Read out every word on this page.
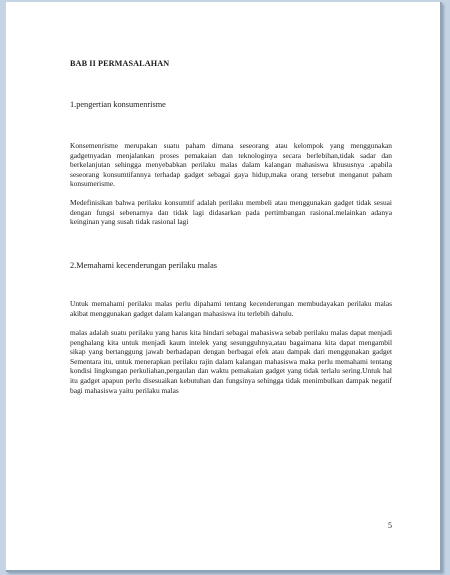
BAB II PERMASALAHAN
1.pengertian konsumenrisme

Konsemenrisme merupakan suatu paham dimana seseorang atau kelompok yang menggunakan gadgetnyadan menjalankan proses pemakaian dan teknologinya secara berlebihan,tidak sadar dan berkelanjutan sehingga menyebabkan perilaku malas dalam kalangan mahasiswa khususnya .apabila seseorang konsumtifannya terhadap gadget sebagai gaya hidup,maka orang tersebut menganut paham konsumerisme.

Medefinisikan bahwa perilaku konsumtif adalah perilaku membeli atau menggunakan gadget tidak sesuai dengan fungsi sebenarnya dan tidak lagi didasarkan pada pertimbangan rasional.melainkan adanya keinginan yang susah tidak rasional lagi

2.Memahami kecenderungan perilaku malas

Untuk memahami perilaku malas perlu dipahami tentang kecenderungan membudayakan perilaku malas akibat menggunakan gadget dalam kalangan mahasiswa itu terlebih dahulu.

malas adalah suatu perilaku yang harus kita hindari sebagai mahasiswa sebab perilaku malas dapat menjadi penghalang kita untuk menjadi kaum intelek yang sesungguhnya,atau bagaimana kita dapat mengambil sikap yang bertanggung jawab berhadapan dengan berbagai efek atau dampak dari menggunakan gadget Sementara itu, untuk menerapkan perilaku rajin dalam kalangan mahasiswa maka perlu memahami tentang kondisi lingkungan perkuliahan,pergaulan dan waktu pemakaian gadget yang tidak terlalu sering.Untuk hal itu gadget apapun perlu disesuaikan kebutuhan dan fungsinya sehingga tidak menimbulkan dampak negatif bagi mahasiswa yaitu perilaku malas

5
